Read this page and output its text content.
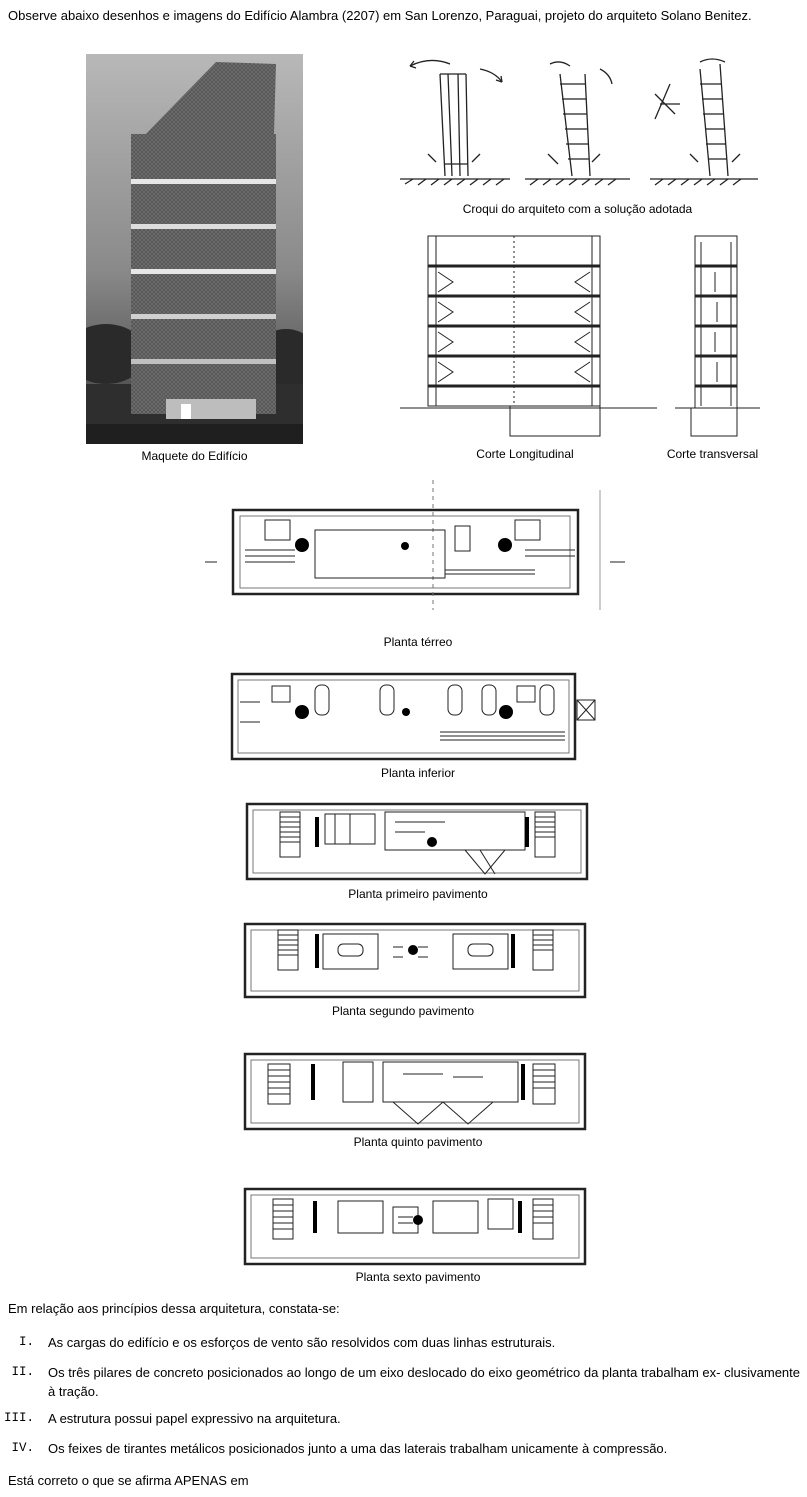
Observe abaixo desenhos e imagens do Edifício Alambra (2207) em San Lorenzo, Paraguai, projeto do arquiteto Solano Benitez.
Maquete do Edifício
Croqui do arquiteto com a solução adotada
Corte Longitudinal	Corte transversal
Planta térreo
Planta inferior
Planta primeiro pavimento
Planta segundo pavimento
Planta quinto pavimento
Planta sexto pavimento
Em relação aos princípios dessa arquitetura, constata-se:
I. As cargas do edifício e os esforços de vento são resolvidos com duas linhas estruturais.
II. Os três pilares de concreto posicionados ao longo de um eixo deslocado do eixo geométrico da planta trabalham ex- clusivamente à tração.
III. A estrutura possui papel expressivo na arquitetura.
IV. Os feixes de tirantes metálicos posicionados junto a uma das laterais trabalham unicamente à compressão.
Está correto o que se afirma APENAS em
